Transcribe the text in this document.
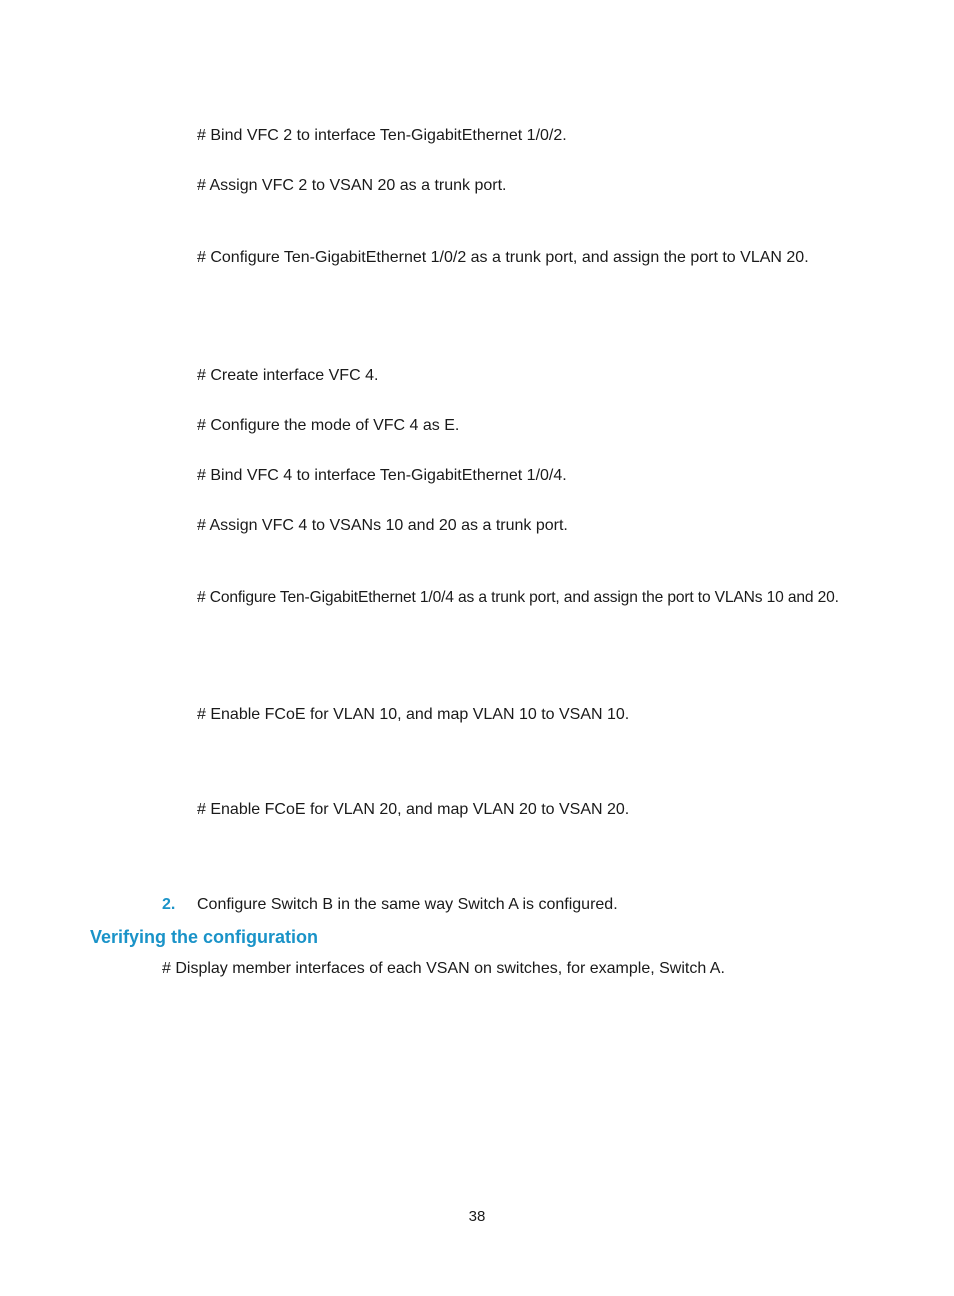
# Bind VFC 2 to interface Ten-GigabitEthernet 1/0/2.
# Assign VFC 2 to VSAN 20 as a trunk port.
# Configure Ten-GigabitEthernet 1/0/2 as a trunk port, and assign the port to VLAN 20.
# Create interface VFC 4.
# Configure the mode of VFC 4 as E.
# Bind VFC 4 to interface Ten-GigabitEthernet 1/0/4.
# Assign VFC 4 to VSANs 10 and 20 as a trunk port.
# Configure Ten-GigabitEthernet 1/0/4 as a trunk port, and assign the port to VLANs 10 and 20.
# Enable FCoE for VLAN 10, and map VLAN 10 to VSAN 10.
# Enable FCoE for VLAN 20, and map VLAN 20 to VSAN 20.
2. Configure Switch B in the same way Switch A is configured.
Verifying the configuration
# Display member interfaces of each VSAN on switches, for example, Switch A.
38
